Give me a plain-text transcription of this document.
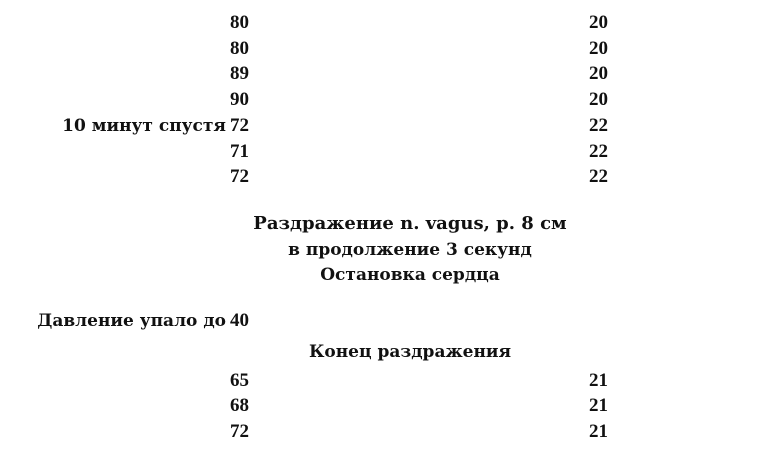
80	20
80	20
89	20
90	20
10 минут спустя 72	22
71	22
72	22
Раздражение n. vagus, р. 8 см
в продолжение 3 секунд
Остановка сердца
Давление упало до 40
Конец раздражения
65	21
68	21
72	21
